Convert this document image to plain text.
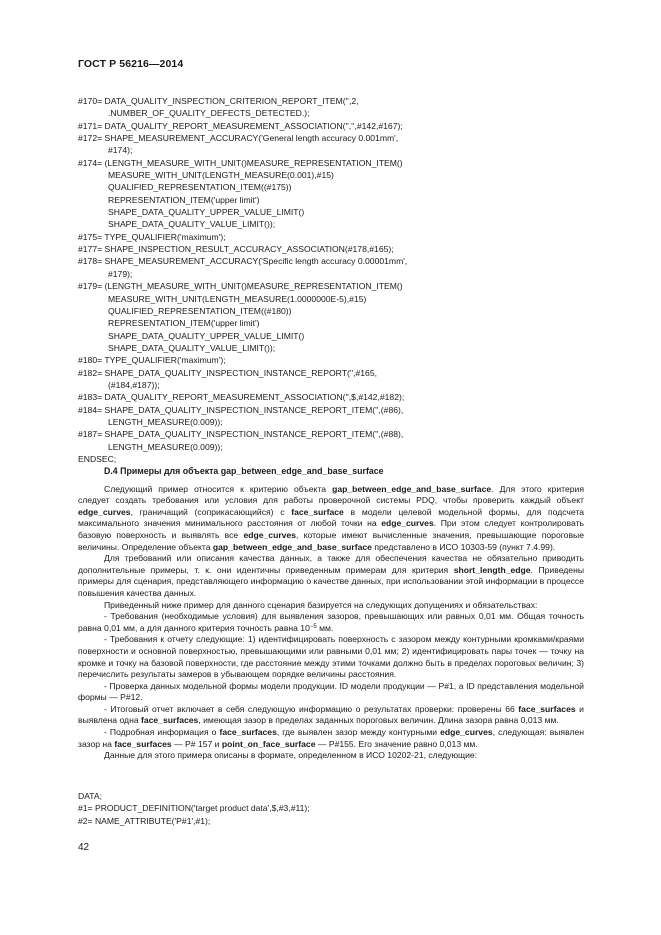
ГОСТ Р 56216—2014
#170= DATA_QUALITY_INSPECTION_CRITERION_REPORT_ITEM('',2,
.NUMBER_OF_QUALITY_DEFECTS_DETECTED.);
#171= DATA_QUALITY_REPORT_MEASUREMENT_ASSOCIATION('','',#142,#167);
#172= SHAPE_MEASUREMENT_ACCURACY('General length accuracy 0.001mm',
#174);
#174= (LENGTH_MEASURE_WITH_UNIT()MEASURE_REPRESENTATION_ITEM()
MEASURE_WITH_UNIT(LENGTH_MEASURE(0.001),#15)
QUALIFIED_REPRESENTATION_ITEM((#175))
REPRESENTATION_ITEM('upper limit')
SHAPE_DATA_QUALITY_UPPER_VALUE_LIMIT()
SHAPE_DATA_QUALITY_VALUE_LIMIT());
#175= TYPE_QUALIFIER('maximum');
#177= SHAPE_INSPECTION_RESULT_ACCURACY_ASSOCIATION(#178,#165);
#178= SHAPE_MEASUREMENT_ACCURACY('Specific length accuracy 0.00001mm',
#179);
#179= (LENGTH_MEASURE_WITH_UNIT()MEASURE_REPRESENTATION_ITEM()
MEASURE_WITH_UNIT(LENGTH_MEASURE(1.0000000E-5),#15)
QUALIFIED_REPRESENTATION_ITEM((#180))
REPRESENTATION_ITEM('upper limit')
SHAPE_DATA_QUALITY_UPPER_VALUE_LIMIT()
SHAPE_DATA_QUALITY_VALUE_LIMIT());
#180= TYPE_QUALIFIER('maximum');
#182= SHAPE_DATA_QUALITY_INSPECTION_INSTANCE_REPORT('',#165,
(#184,#187));
#183= DATA_QUALITY_REPORT_MEASUREMENT_ASSOCIATION('',$,#142,#182);
#184= SHAPE_DATA_QUALITY_INSPECTION_INSTANCE_REPORT_ITEM('',(#86),
LENGTH_MEASURE(0.009));
#187= SHAPE_DATA_QUALITY_INSPECTION_INSTANCE_REPORT_ITEM('',(#88),
LENGTH_MEASURE(0.009));
ENDSEC;
D.4 Примеры для объекта gap_between_edge_and_base_surface

Следующий пример относится к критерию объекта gap_between_edge_and_base_surface. Для этого критерия следует создать требования или условия для работы проверочной системы PDQ, чтобы проверить каждый объект edge_curves, граничащий (соприкасающийся) с face_surface в модели целевой модельной формы, для подсчета максимального значения минимального расстояния от любой точки на edge_curves. При этом следует контролировать базовую поверхность и выявлять все edge_curves, которые имеют вычисленные значения, превышающие пороговые величины. Определение объекта gap_between_edge_and_base_surface представлено в ИСО 10303-59 (пункт 7.4.99).

Для требований или описания качества данных, а также для обеспечения качества не обязательно приводить дополнительные примеры, т. к. они идентичны приведенным примерам для критерия short_length_edge. Приведены примеры для сценария, представляющего информацию о качестве данных, при использовании этой информации в процессе повышения качества данных.

Приведенный ниже пример для данного сценария базируется на следующих допущениях и обязательствах:

- Требования (необходимые условия) для выявления зазоров, превышающих или равных 0,01 мм. Общая точность равна 0,01 мм, а для данного критерия точность равна $10^{-5}$ мм.

- Требования к отчету следующие: 1) идентифицировать поверхность с зазором между контурными кромками/краями поверхности и основной поверхностью, превышающими или равными 0,01 мм; 2) идентифицировать пары точек — точку на кромке и точку на базовой поверхности, где расстояние между этими точками должно быть в пределах пороговых величин; 3) перечислить результаты замеров в убывающем порядке величины расстояния.

- Проверка данных модельной формы модели продукции. ID модели продукции — Р#1, а ID представления модельной формы — Р#12.

- Итоговый отчет включает в себя следующую информацию о результатах проверки: проверены 66 face_surfaces и выявлена одна face_surfaces, имеющая зазор в пределах заданных пороговых величин. Длина зазора равна 0,013 мм.

- Подробная информация о face_surfaces, где выявлен зазор между контурными edge_curves, следующая: выявлен зазор на face_surfaces — Р# 157 и point_on_face_surface — Р#155. Его значение равно 0,013 мм.

Данные для этого примера описаны в формате, определенном в ИСО 10202-21, следующие:

DATA;
#1= PRODUCT_DEFINITION('target product data',$,#3,#11);
#2= NAME_ATTRIBUTE('P#1',#1);
42
